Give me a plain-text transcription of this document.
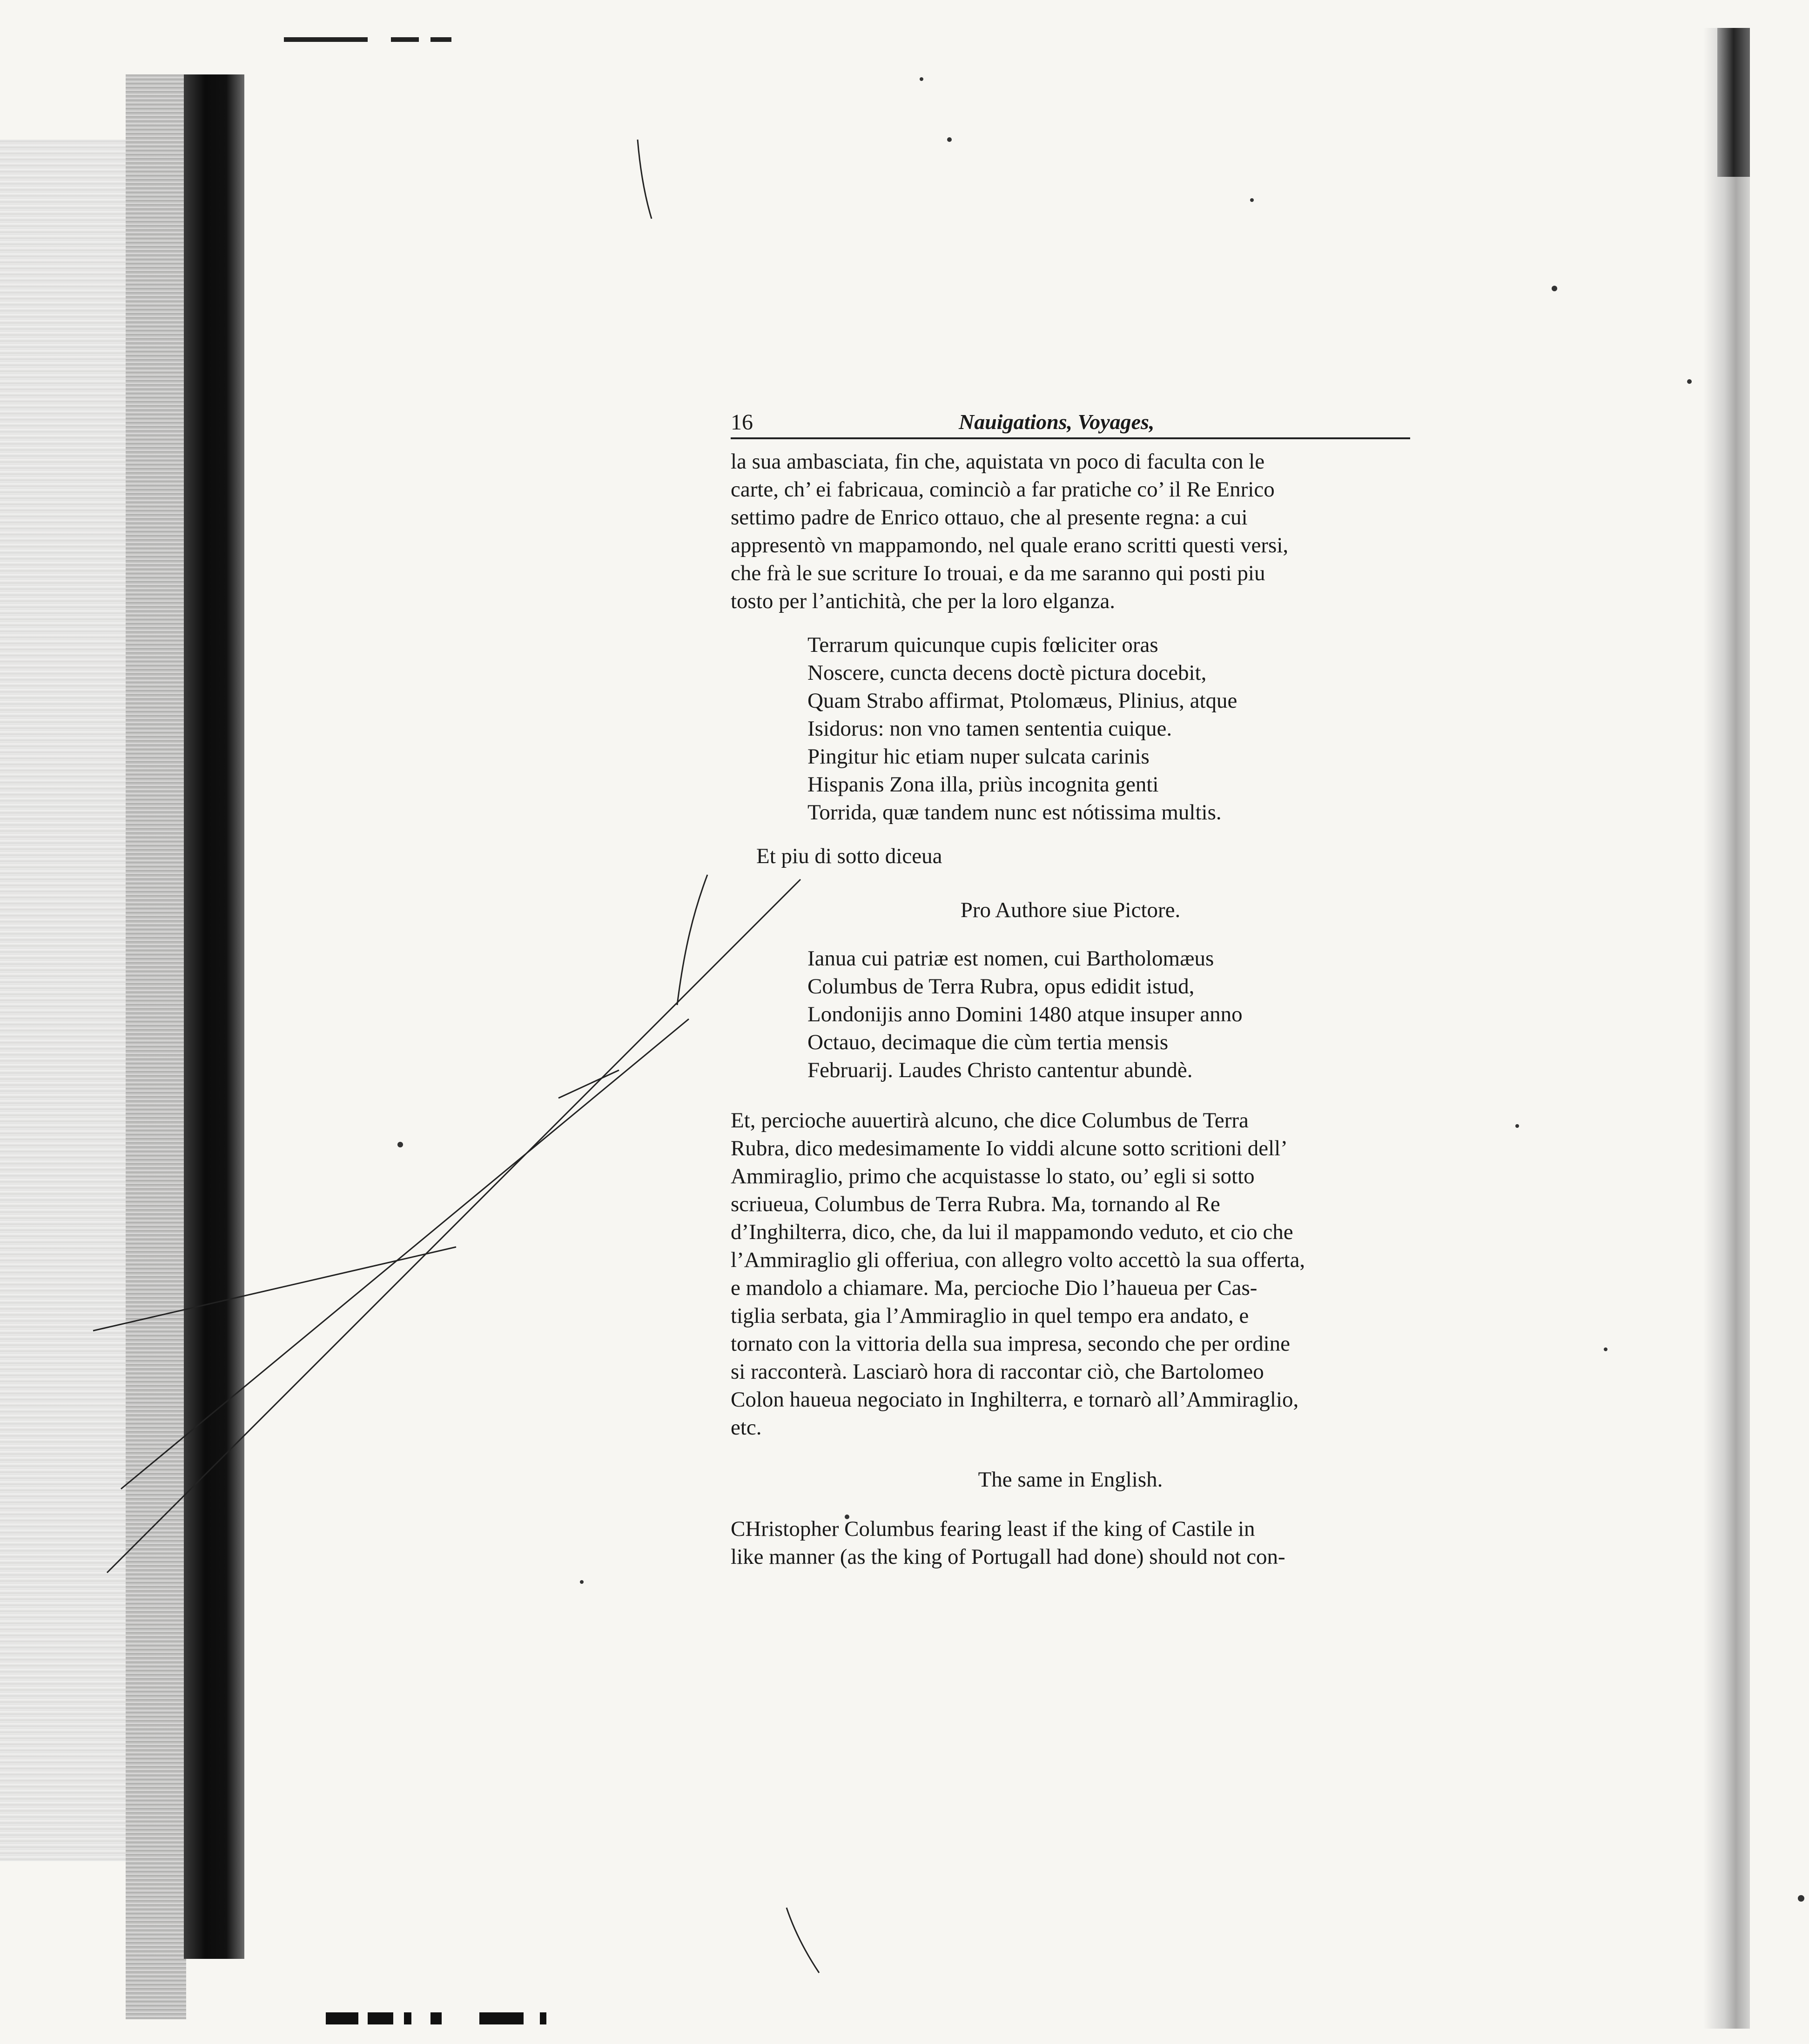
16	Nauigations, Voyages,

la sua ambasciata, fin che, aquistata vn poco di faculta con le
carte, ch’ ei fabricaua, cominciò a far pratiche co’ il Re Enrico
settimo padre de Enrico ottauo, che al presente regna: a cui
appresentò vn mappamondo, nel quale erano scritti questi versi,
che frà le sue scriture Io trouai, e da me saranno qui posti piu
tosto per l’antichità, che per la loro elganza.

Terrarum quicunque cupis fœliciter oras
Noscere, cuncta decens doctè pictura docebit,
Quam Strabo affirmat, Ptolomæus, Plinius, atque
Isidorus: non vno tamen sententia cuique.
Pingitur hic etiam nuper sulcata carinis
Hispanis Zona illa, priùs incognita genti
Torrida, quæ tandem nunc est nótissima multis.
Et piu di sotto diceua
Pro Authore siue Pictore.
Ianua cui patriæ est nomen, cui Bartholomæus
Columbus de Terra Rubra, opus edidit istud,
Londonijis anno Domini 1480 atque insuper anno
Octauo, decimaque die cùm tertia mensis
Februarij. Laudes Christo cantentur abundè.

Et, percioche auuertirà alcuno, che dice Columbus de Terra
Rubra, dico medesimamente Io viddi alcune sotto scritioni dell’
Ammiraglio, primo che acquistasse lo stato, ou’ egli si sotto
scriueua, Columbus de Terra Rubra. Ma, tornando al Re
d’Inghilterra, dico, che, da lui il mappamondo veduto, et cio che
l’Ammiraglio gli offeriua, con allegro volto accettò la sua offerta,
e mandolo a chiamare. Ma, percioche Dio l’haueua per Cas-
tiglia serbata, gia l’Ammiraglio in quel tempo era andato, e
tornato con la vittoria della sua impresa, secondo che per ordine
si racconterà. Lasciarò hora di raccontar ciò, che Bartolomeo
Colon haueua negociato in Inghilterra, e tornarò all’Ammiraglio,
etc.

The same in English.

CHristopher Columbus fearing least if the king of Castile in
like manner (as the king of Portugall had done) should not con-
